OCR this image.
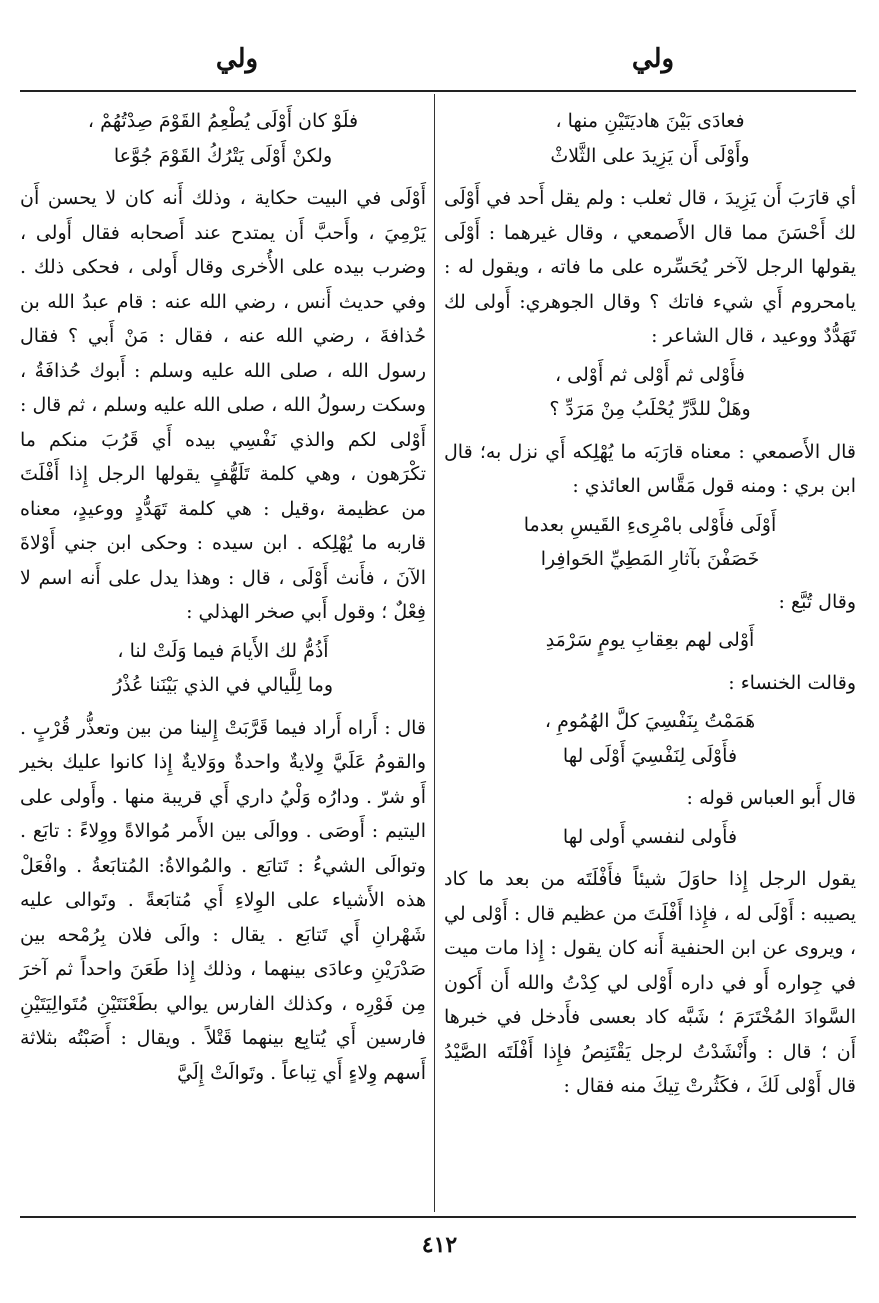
ولي
ولي

فعادَى بَيْنَ هاديَتَيْنِ منها ،

وأَوْلَى أَن يَزِيدَ على الثَّلاثْ

أي قارَبَ أَن يَزِيدَ ، قال ثعلب : ولم يقل أَحد في أَوْلَى لك أَحْسَنَ مما قال الأَصمعي ، وقال غيرهما : أَوْلَى يقولها الرجل لآخر يُحَسِّره على ما فاته ، ويقول له : يامحروم أَي شيء فاتك ؟ وقال الجوهري: أَولى لك تَهَدُّدٌ ووعيد ، قال الشاعر :

فأَوْلى ثم أَوْلى ثم أَوْلى ،

وهَلْ للدَّرِّ يُحْلَبُ مِنْ مَرَدِّ ؟

قال الأَصمعي : معناه قارَبَه ما يُهْلِكه أَي نزل به؛ قال ابن بري : ومنه قول مَقَّاس العائذي :

أَوْلَى فأَوْلى بامْرِىءِ القَيسِ بعدما

خَصَفْنَ بآثارِ المَطِيِّ الحَوافِرا

وقال تُبَّع :

أَوْلى لهم بعِقابِ يومٍ سَرْمَدِ

وقالت الخنساء :

هَمَمْتُ بِنَفْسِيَ كلَّ الهُمُومِ ،

فأَوْلَى لِنَفْسِيَ أَوْلَى لها

قال أَبو العباس قوله :

فأَولى لنفسي أَولى لها

يقول الرجل إِذا حاوَلَ شيئاً فأَفْلَتَه من بعد ما كاد يصيبه : أَوْلَى له ، فإِذا أَفْلَتَ من عظيم قال : أَوْلى لي ، ويروى عن ابن الحنفية أَنه كان يقول : إِذا مات ميت في جِواره أَو في داره أَوْلى لي كِدْتُ والله أَن أَكون السَّوادَ المُخْتَرَمَ ؛ شَبَّه كاد بعسى فأَدخل في خبرها أَن ؛ قال : وأَنْشَدْتُ لرجل يَقْتَنِصُ فإِذا أَفْلَتَه الصَّيْدُ قال أَوْلى لَكَ ، فكَثُرتْ تِيكَ منه فقال :

فلَوْ كان أَوْلَى يُطْعِمُ القَوْمَ صِدْتُهُمْ ،

ولكنْ أَوْلَى يَتْرُكُ القَوْمَ جُوَّعا

أَوْلَى في البيت حكاية ، وذلك أَنه كان لا يحسن أَن يَرْمِيَ ، وأَحبَّ أَن يمتدح عند أَصحابه فقال أَولى ، وضرب بيده على الأُخرى وقال أَولى ، فحكى ذلك . وفي حديث أَنس ، رضي الله عنه : قام عبدُ الله بن حُذافةَ ، رضي الله عنه ، فقال : مَنْ أَبي ؟ فقال رسول الله ، صلى الله عليه وسلم : أَبوك حُذافَةُ ، وسكت رسولُ الله ، صلى الله عليه وسلم ، ثم قال : أَوْلى لكم والذي نَفْسِي بيده أَي قَرُبَ منكم ما تكْرَهون ، وهي كلمة تَلَهُّفٍ يقولها الرجل إِذا أَفْلَتَ من عظيمة ،وقيل : هي كلمة تَهَدُّدٍ ووعيدٍ، معناه قاربه ما يُهْلِكه . ابن سيده : وحكى ابن جني أَوْلاةَ الآنَ ، فأَنث أَوْلَى ، قال : وهذا يدل على أَنه اسم لا فِعْلٌ ؛ وقول أَبي صخر الهذلي :

أَذُمُّ لك الأَيامَ فيما وَلَتْ لنا ،

وما لِلَّيالي في الذي بَيْنَنا عُذْرُ

قال : أَراه أَراد فيما قَرَّبَتْ إِلينا من بين وتعذُّر قُرْبٍ . والقومُ عَلَيَّ وِلايةٌ واحدةٌ ووَلايةٌ إِذا كانوا عليك بخير أَو شرّ . ودارُه وَلْيُ داري أَي قريبة منها . وأَولى على اليتيم : أَوصَى . ووالَى بين الأَمر مُوالاةً ووِلاءً : تابَع . وتوالَى الشيءُ : تَتابَع . والمُوالاةُ: المُتابَعةُ . وافْعَلْ هذه الأَشياء على الوِلاءِ أَي مُتابَعةً . وتَوالى عليه شَهْرانِ أَي تَتابَع . يقال : والَى فلان بِرُمْحه بين صَدْرَيْنِ وعادَى بينهما ، وذلك إِذا طَعَنَ واحداً ثم آخرَ مِن فَوْرِه ، وكذلك الفارس يوالي بطَعْنَتَيْنِ مُتَوالِيَتَيْنِ فارسين أَي يُتابِع بينهما قَتْلاً . ويقال : أَصَبْتُه بثلاثة أَسهم وِلاءٍ أَي تِباعاً . وتَوالَتْ إِلَيَّ

٤١٢
